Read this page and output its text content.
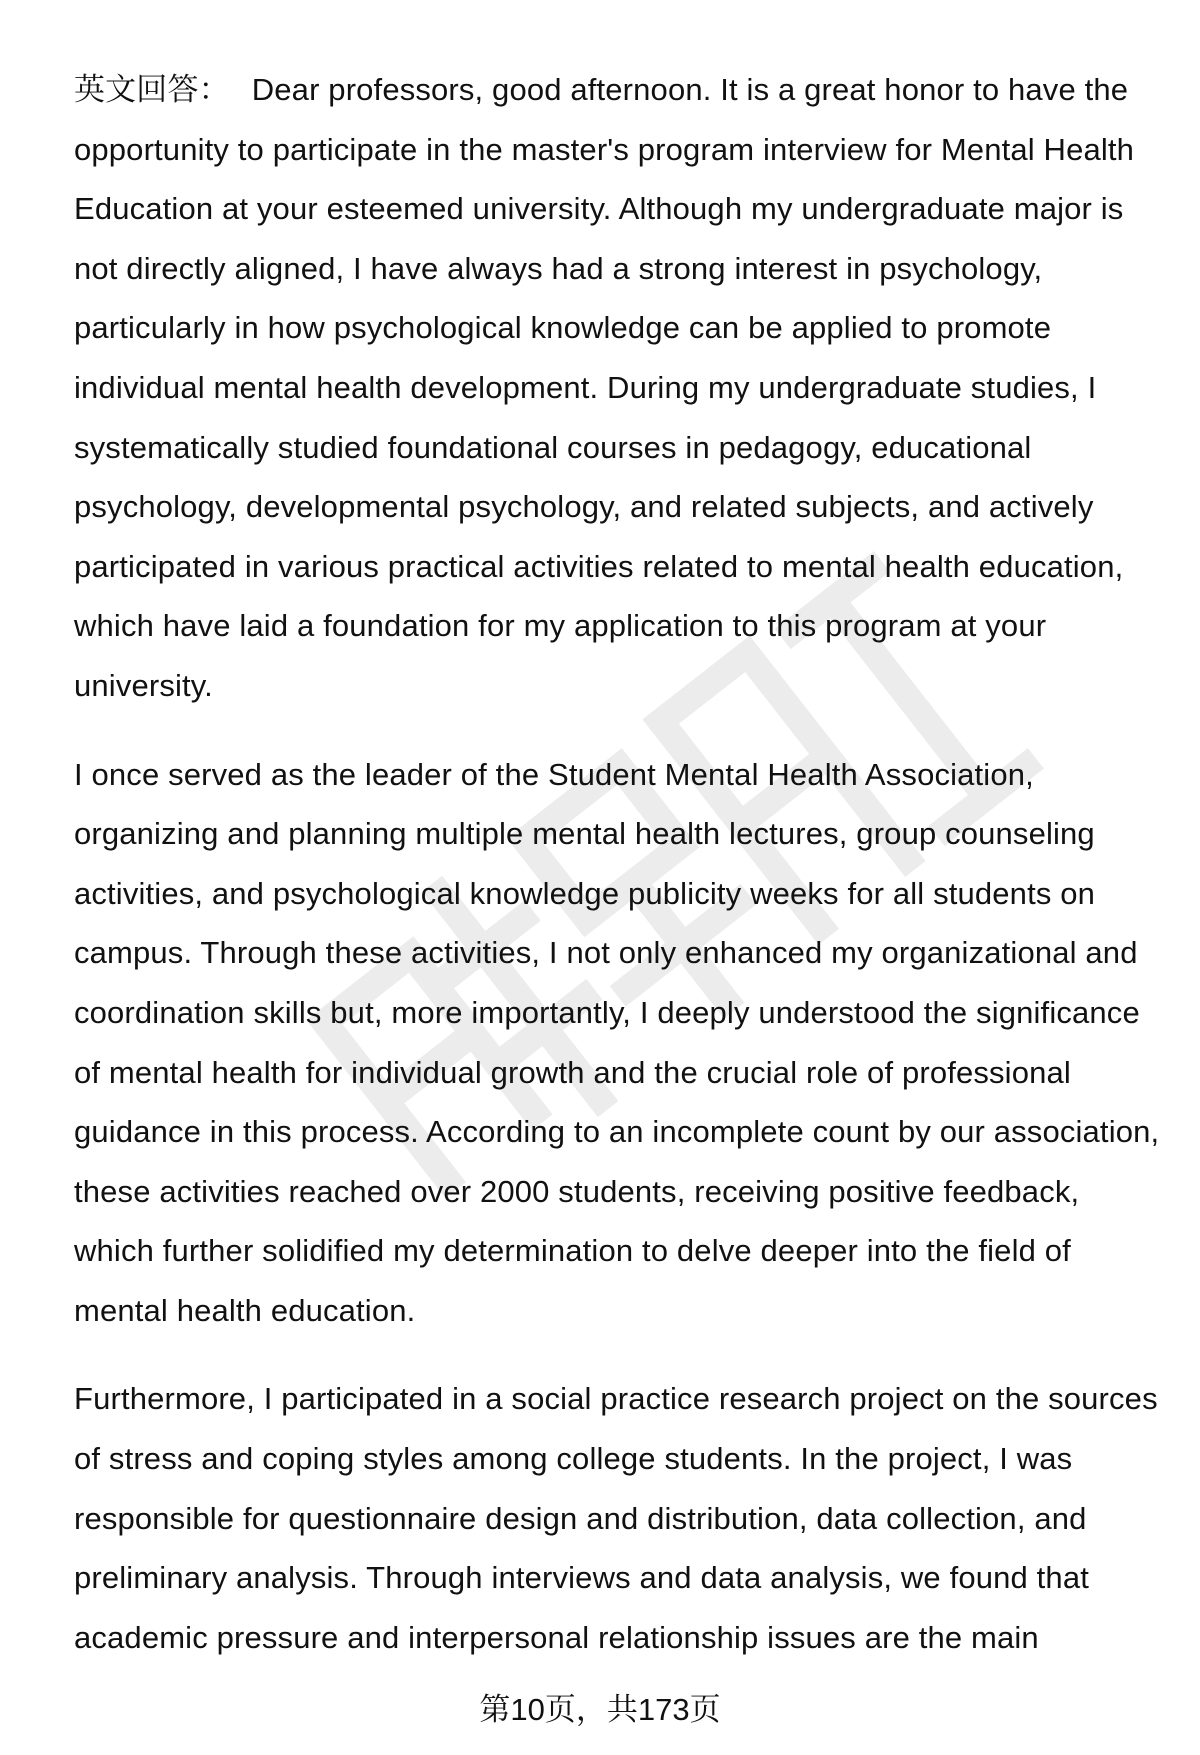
英文回答： Dear professors, good afternoon. It is a great honor to have the opportunity to participate in the master's program interview for Mental Health Education at your esteemed university. Although my undergraduate major is not directly aligned, I have always had a strong interest in psychology, particularly in how psychological knowledge can be applied to promote individual mental health development. During my undergraduate studies, I systematically studied foundational courses in pedagogy, educational psychology, developmental psychology, and related subjects, and actively participated in various practical activities related to mental health education, which have laid a foundation for my application to this program at your university.

I once served as the leader of the Student Mental Health Association, organizing and planning multiple mental health lectures, group counseling activities, and psychological knowledge publicity weeks for all students on campus. Through these activities, I not only enhanced my organizational and coordination skills but, more importantly, I deeply understood the significance of mental health for individual growth and the crucial role of professional guidance in this process. According to an incomplete count by our association, these activities reached over 2000 students, receiving positive feedback, which further solidified my determination to delve deeper into the field of mental health education.

Furthermore, I participated in a social practice research project on the sources of stress and coping styles among college students. In the project, I was responsible for questionnaire design and distribution, data collection, and preliminary analysis. Through interviews and data analysis, we found that academic pressure and interpersonal relationship issues are the main

第10页，共173页
